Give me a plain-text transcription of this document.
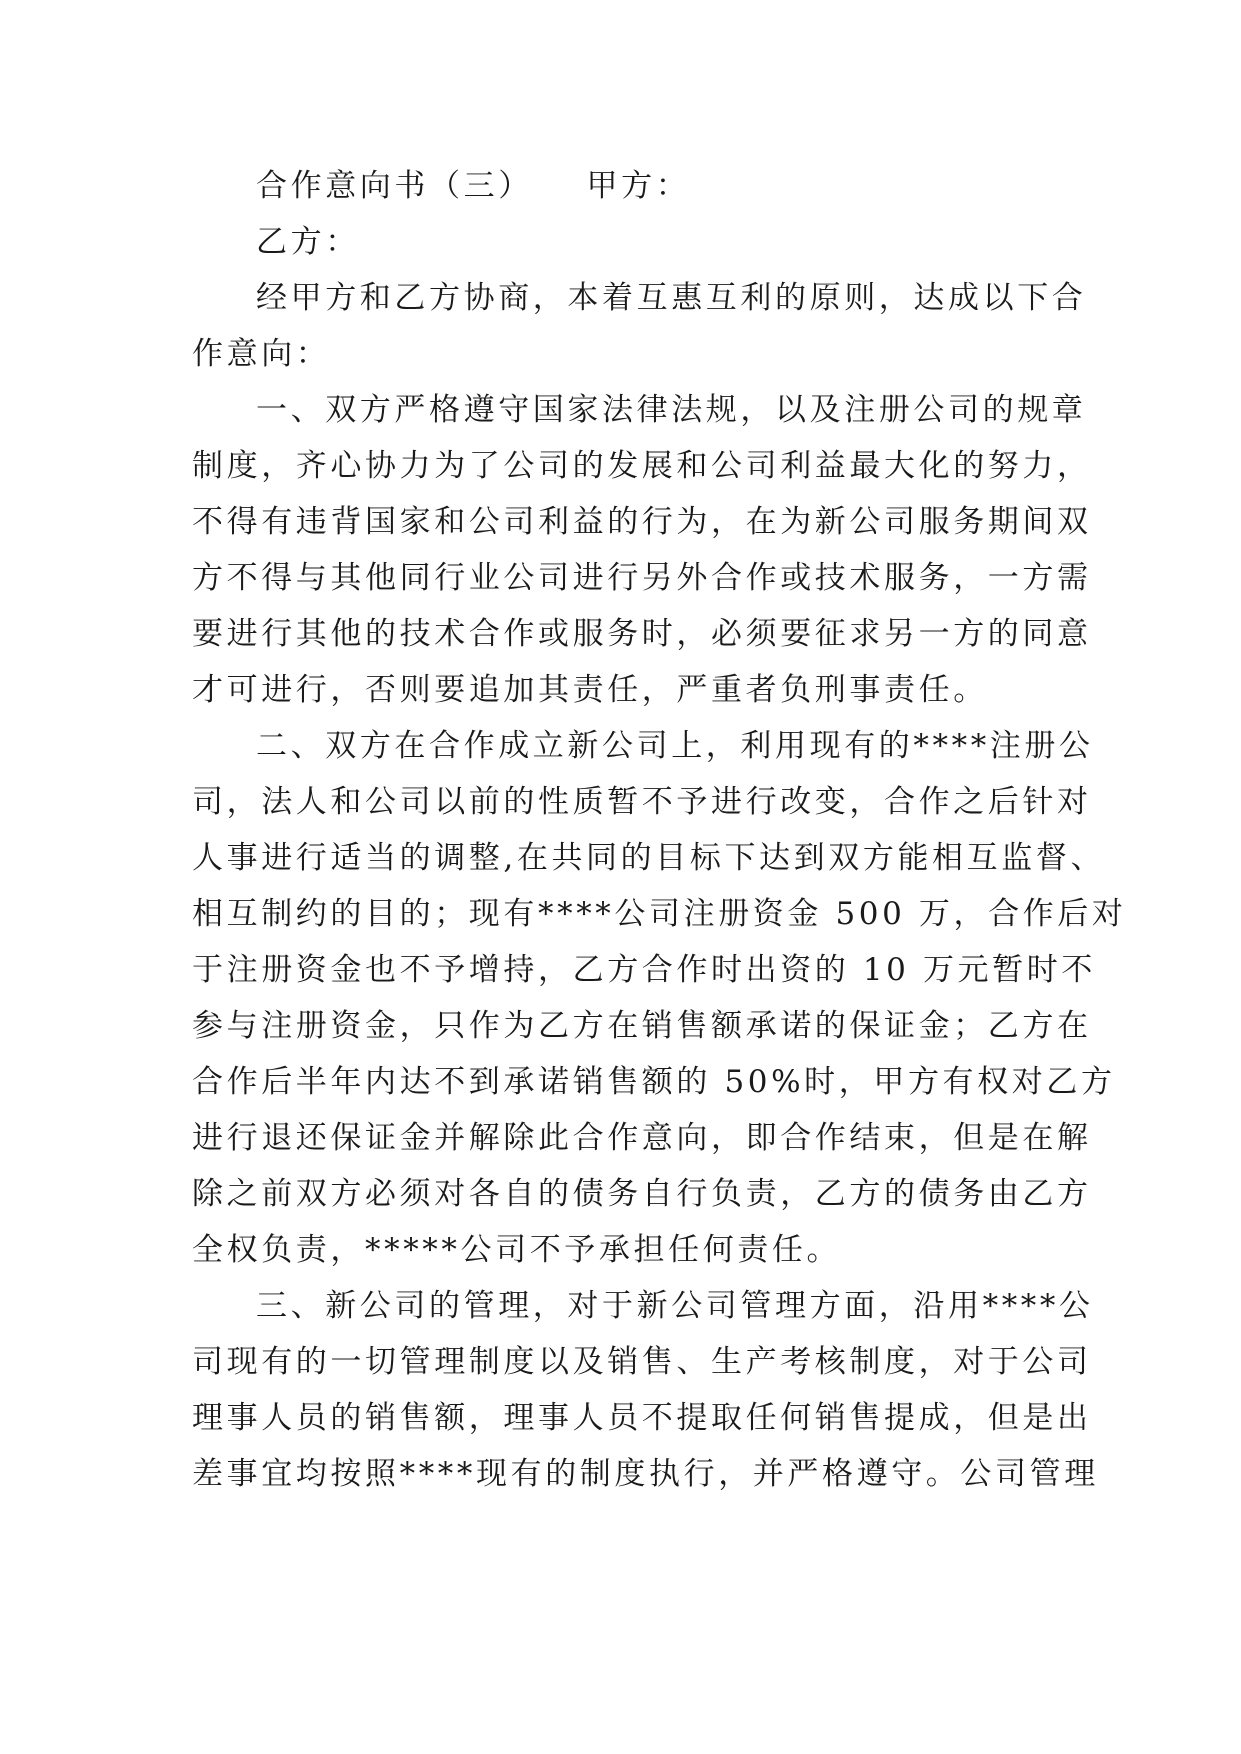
合作意向书（三）　　甲方：
乙方：
经甲方和乙方协商，本着互惠互利的原则，达成以下合
作意向：
一、双方严格遵守国家法律法规，以及注册公司的规章
制度，齐心协力为了公司的发展和公司利益最大化的努力，
不得有违背国家和公司利益的行为，在为新公司服务期间双
方不得与其他同行业公司进行另外合作或技术服务，一方需
要进行其他的技术合作或服务时，必须要征求另一方的同意
才可进行，否则要追加其责任，严重者负刑事责任。
二、双方在合作成立新公司上，利用现有的****注册公
司，法人和公司以前的性质暂不予进行改变，合作之后针对
人事进行适当的调整,在共同的目标下达到双方能相互监督、
相互制约的目的；现有****公司注册资金 500 万，合作后对
于注册资金也不予增持，乙方合作时出资的 10 万元暂时不
参与注册资金，只作为乙方在销售额承诺的保证金；乙方在
合作后半年内达不到承诺销售额的 50%时，甲方有权对乙方
进行退还保证金并解除此合作意向，即合作结束，但是在解
除之前双方必须对各自的债务自行负责，乙方的债务由乙方
全权负责，*****公司不予承担任何责任。
三、新公司的管理，对于新公司管理方面，沿用****公
司现有的一切管理制度以及销售、生产考核制度，对于公司
理事人员的销售额，理事人员不提取任何销售提成，但是出
差事宜均按照****现有的制度执行，并严格遵守。公司管理
